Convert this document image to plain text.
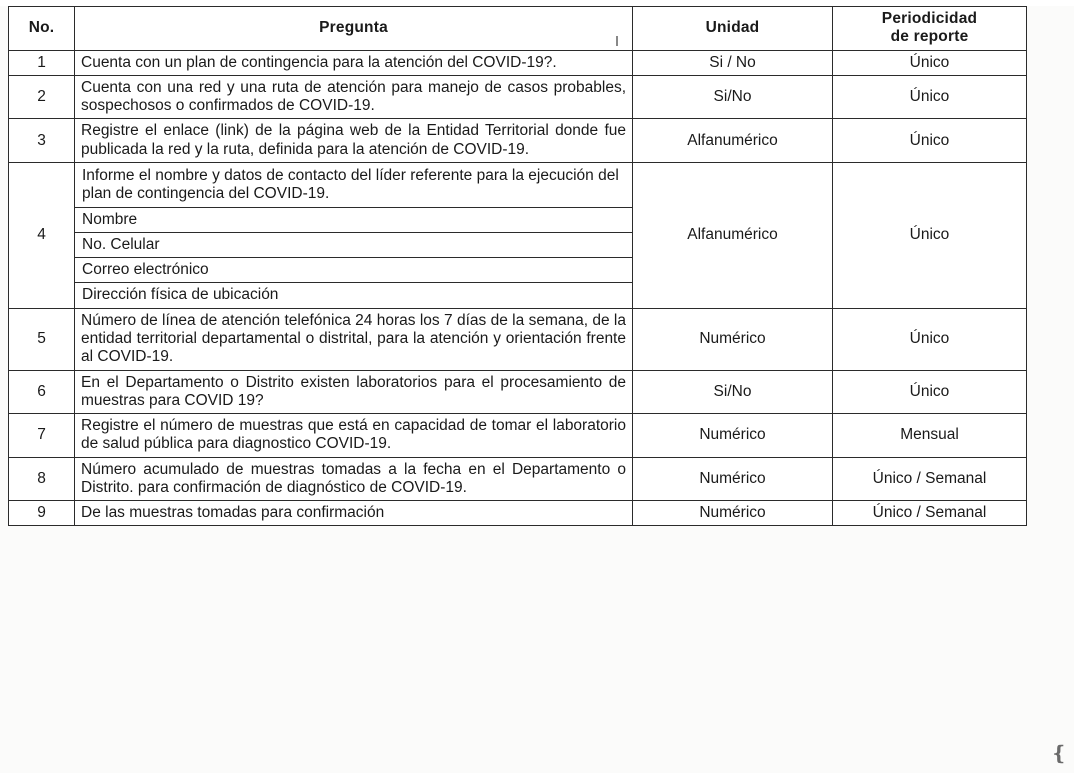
No.	Pregunta	Unidad	Periodicidad
de reporte
1	Cuenta con un plan de contingencia para la atención del COVID-19?.	Si / No	Único
2	Cuenta con una red y una ruta de atención para manejo de casos probables, sospechosos o confirmados de COVID-19.	Si/No	Único
3	Registre el enlace (link) de la página web de la Entidad Territorial donde fue publicada la red y la ruta, definida para la atención de COVID-19.	Alfanumérico	Único
4	Informe el nombre y datos de contacto del líder referente para la ejecución del plan de contingencia del COVID-19.
Nombre
No. Celular
Correo electrónico
Dirección física de ubicación	Alfanumérico	Único
5	Número de línea de atención telefónica 24 horas los 7 días de la semana, de la entidad territorial departamental o distrital, para la atención y orientación frente al COVID-19.	Numérico	Único
6	En el Departamento o Distrito existen laboratorios para el procesamiento de muestras para COVID 19?	Si/No	Único
7	Registre el número de muestras que está en capacidad de tomar el laboratorio de salud pública para diagnostico COVID-19.	Numérico	Mensual
8	Número acumulado de muestras tomadas a la fecha en el Departamento o Distrito. para confirmación de diagnóstico de COVID-19.	Numérico	Único / Semanal
9	De las muestras tomadas para confirmación	Numérico	Único / Semanal
❴
